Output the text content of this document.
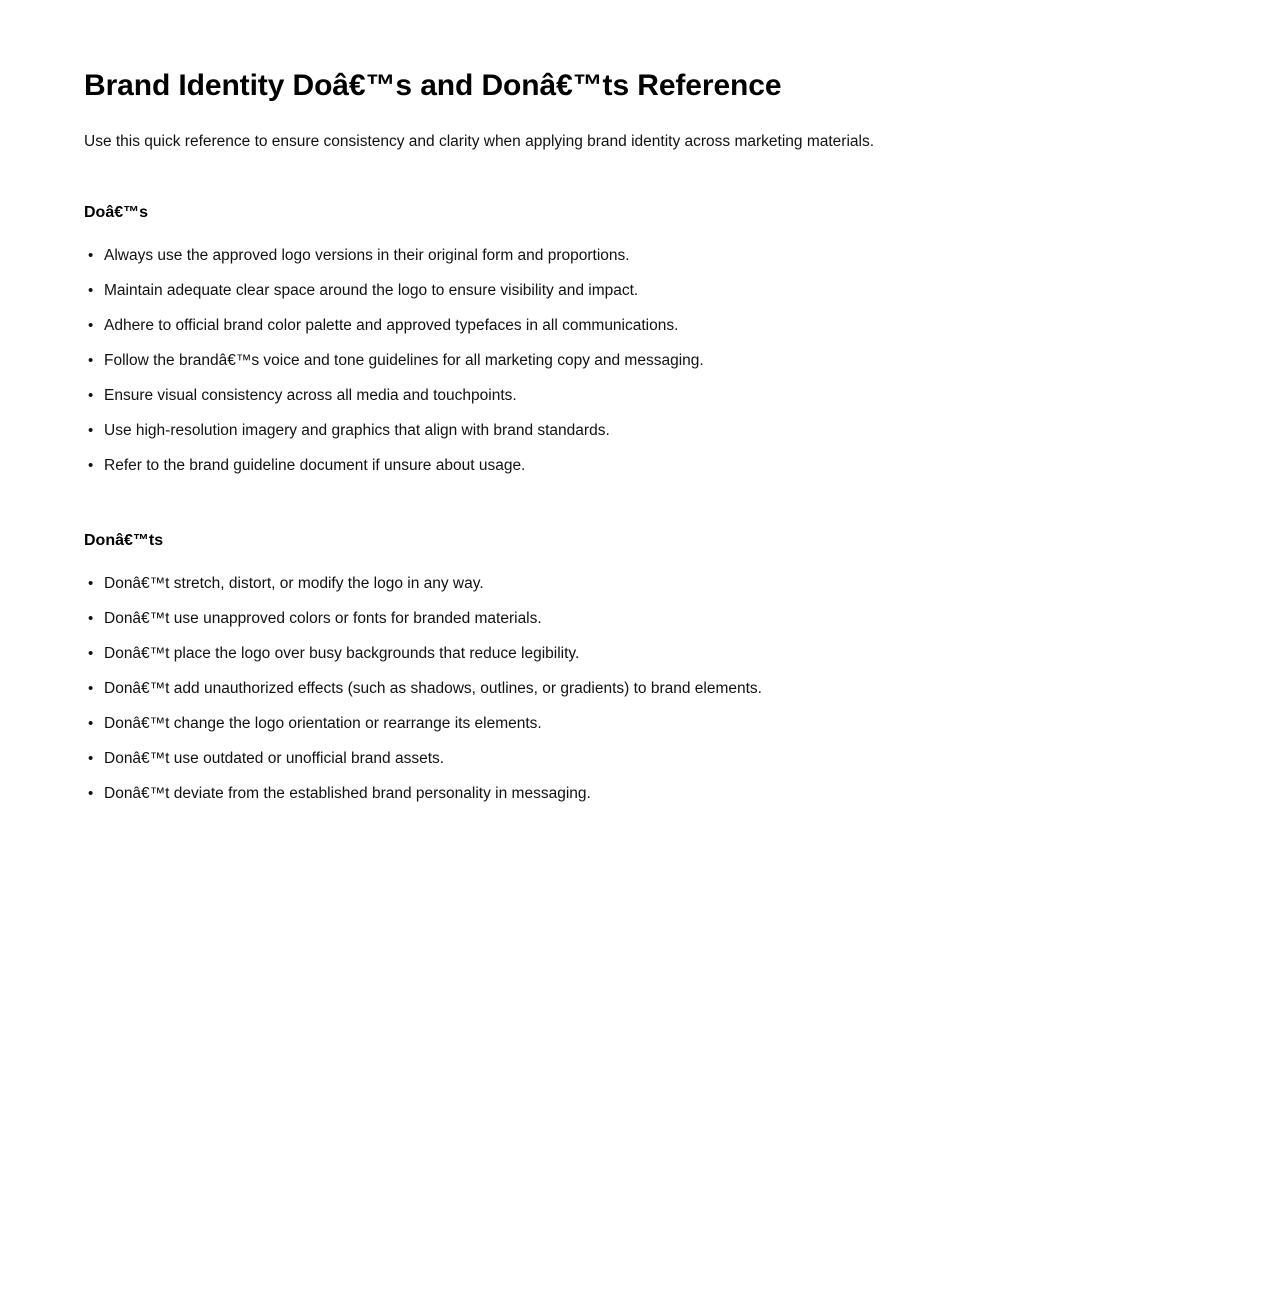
Brand Identity Doâ€™s and Donâ€™ts Reference

Use this quick reference to ensure consistency and clarity when applying brand identity across marketing materials.

Doâ€™s
• Always use the approved logo versions in their original form and proportions.
• Maintain adequate clear space around the logo to ensure visibility and impact.
• Adhere to official brand color palette and approved typefaces in all communications.
• Follow the brandâ€™s voice and tone guidelines for all marketing copy and messaging.
• Ensure visual consistency across all media and touchpoints.
• Use high-resolution imagery and graphics that align with brand standards.
• Refer to the brand guideline document if unsure about usage.
Donâ€™ts
• Donâ€™t stretch, distort, or modify the logo in any way.
• Donâ€™t use unapproved colors or fonts for branded materials.
• Donâ€™t place the logo over busy backgrounds that reduce legibility.
• Donâ€™t add unauthorized effects (such as shadows, outlines, or gradients) to brand elements.
• Donâ€™t change the logo orientation or rearrange its elements.
• Donâ€™t use outdated or unofficial brand assets.
• Donâ€™t deviate from the established brand personality in messaging.
